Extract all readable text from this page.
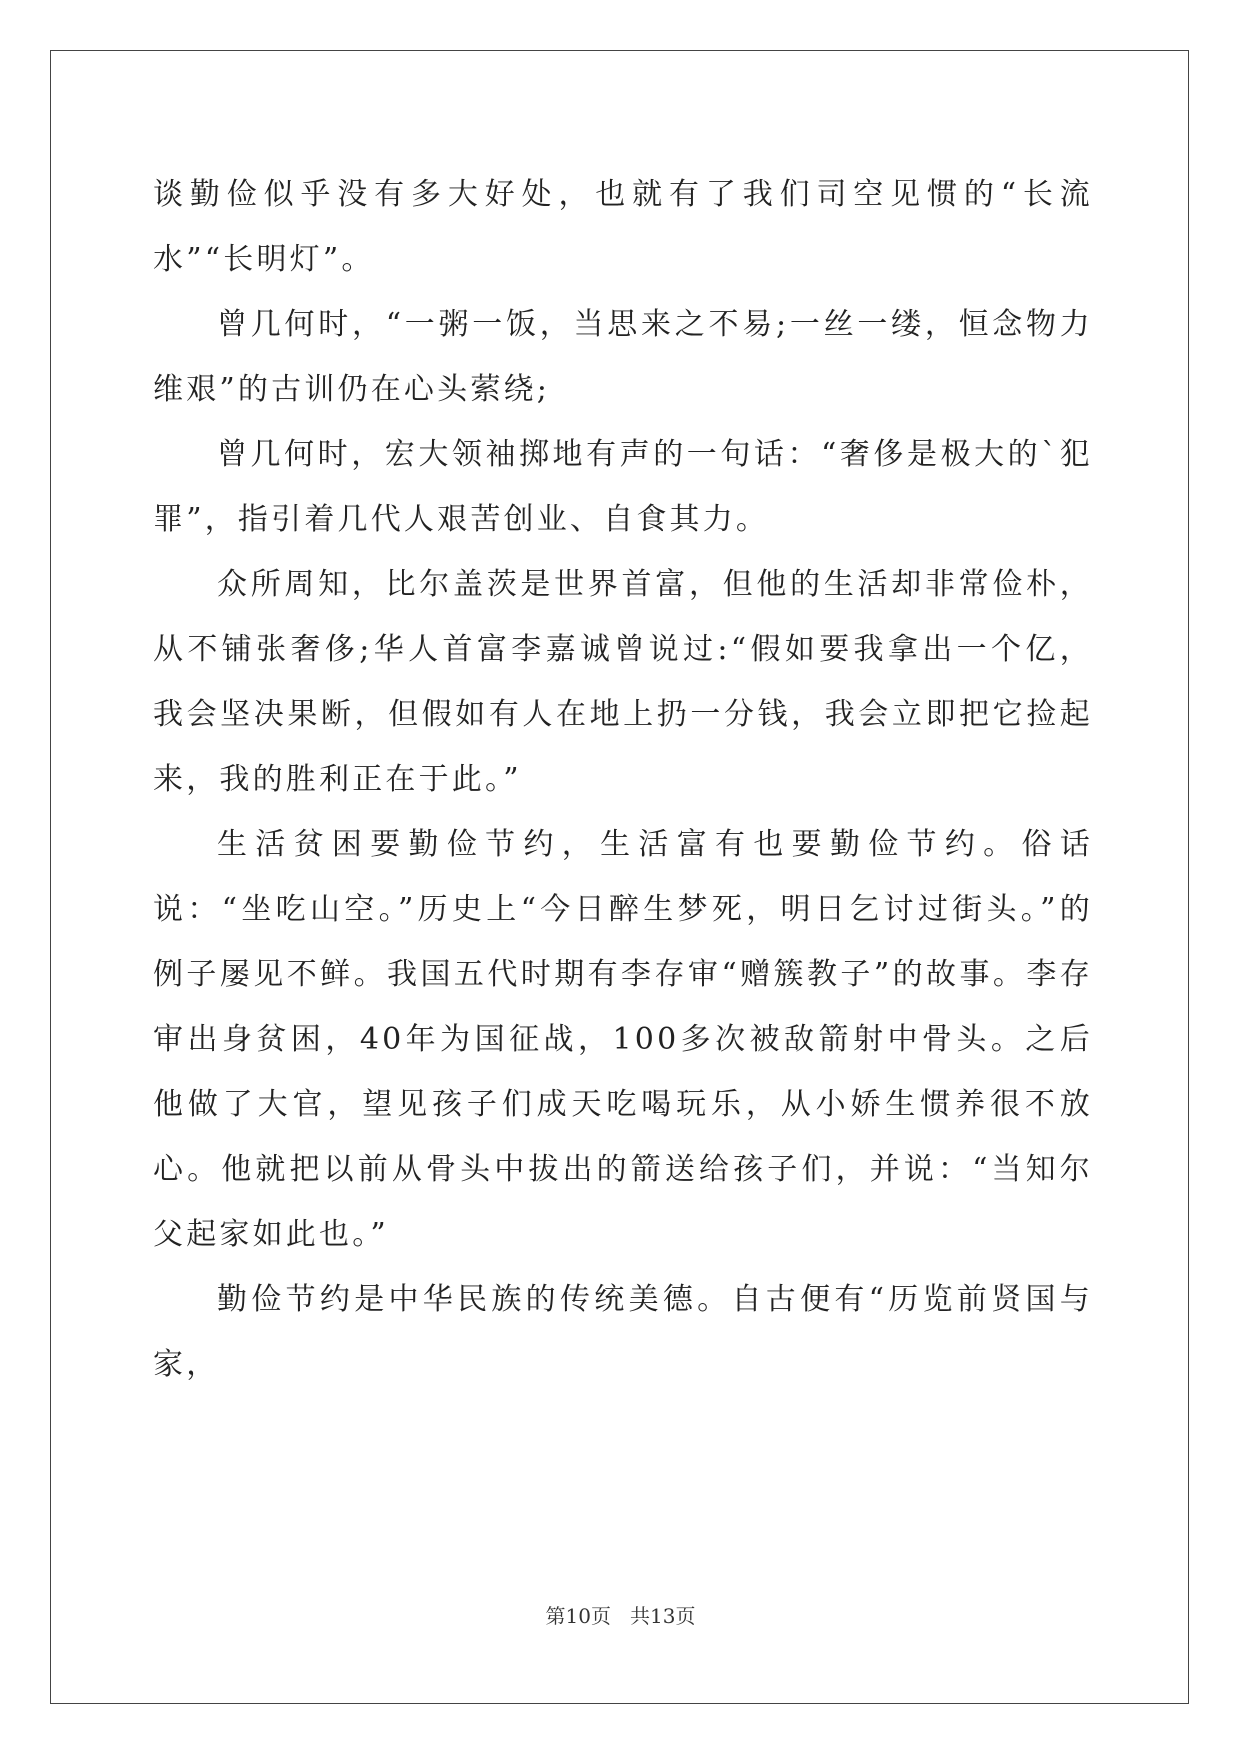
谈勤俭似乎没有多大好处，也就有了我们司空见惯的“长流水”“长明灯”。

曾几何时，“一粥一饭，当思来之不易;一丝一缕，恒念物力维艰”的古训仍在心头萦绕;

曾几何时，宏大领袖掷地有声的一句话：“奢侈是极大的`犯罪”，指引着几代人艰苦创业、自食其力。

众所周知，比尔盖茨是世界首富，但他的生活却非常俭朴，从不铺张奢侈;华人首富李嘉诚曾说过:“假如要我拿出一个亿，我会坚决果断，但假如有人在地上扔一分钱，我会立即把它捡起来，我的胜利正在于此。”

生活贫困要勤俭节约，生活富有也要勤俭节约。俗话说：“坐吃山空。”历史上“今日醉生梦死，明日乞讨过街头。”的例子屡见不鲜。我国五代时期有李存审“赠簇教子”的故事。李存审出身贫困，40年为国征战，100多次被敌箭射中骨头。之后他做了大官，望见孩子们成天吃喝玩乐，从小娇生惯养很不放心。他就把以前从骨头中拔出的箭送给孩子们，并说：“当知尔父起家如此也。”

勤俭节约是中华民族的传统美德。自古便有“历览前贤国与家，

第10页   共13页
